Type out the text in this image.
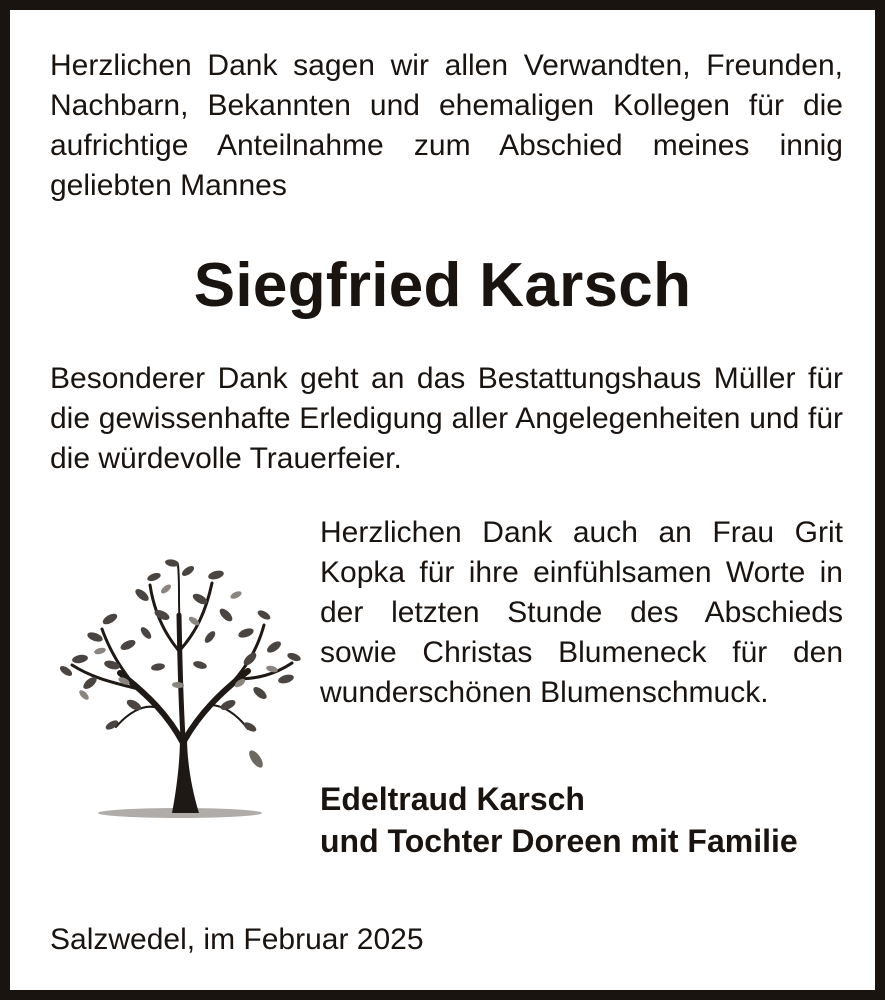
Herzlichen Dank sagen wir allen Verwandten, Freunden, Nachbarn, Bekannten und ehemaligen Kollegen für die aufrichtige Anteilnahme zum Abschied meines innig geliebten Mannes

Siegfried Karsch

Besonderer Dank geht an das Bestattungshaus Müller für die gewissenhafte Erledigung aller Angelegenheiten und für die würdevolle Trauerfeier.

Herzlichen Dank auch an Frau Grit Kopka für ihre einfühlsamen Worte in der letzten Stunde des Abschieds sowie Christas Blumeneck für den wunderschönen Blumenschmuck.

Edeltraud Karsch
und Tochter Doreen mit Familie

Salzwedel, im Februar 2025
